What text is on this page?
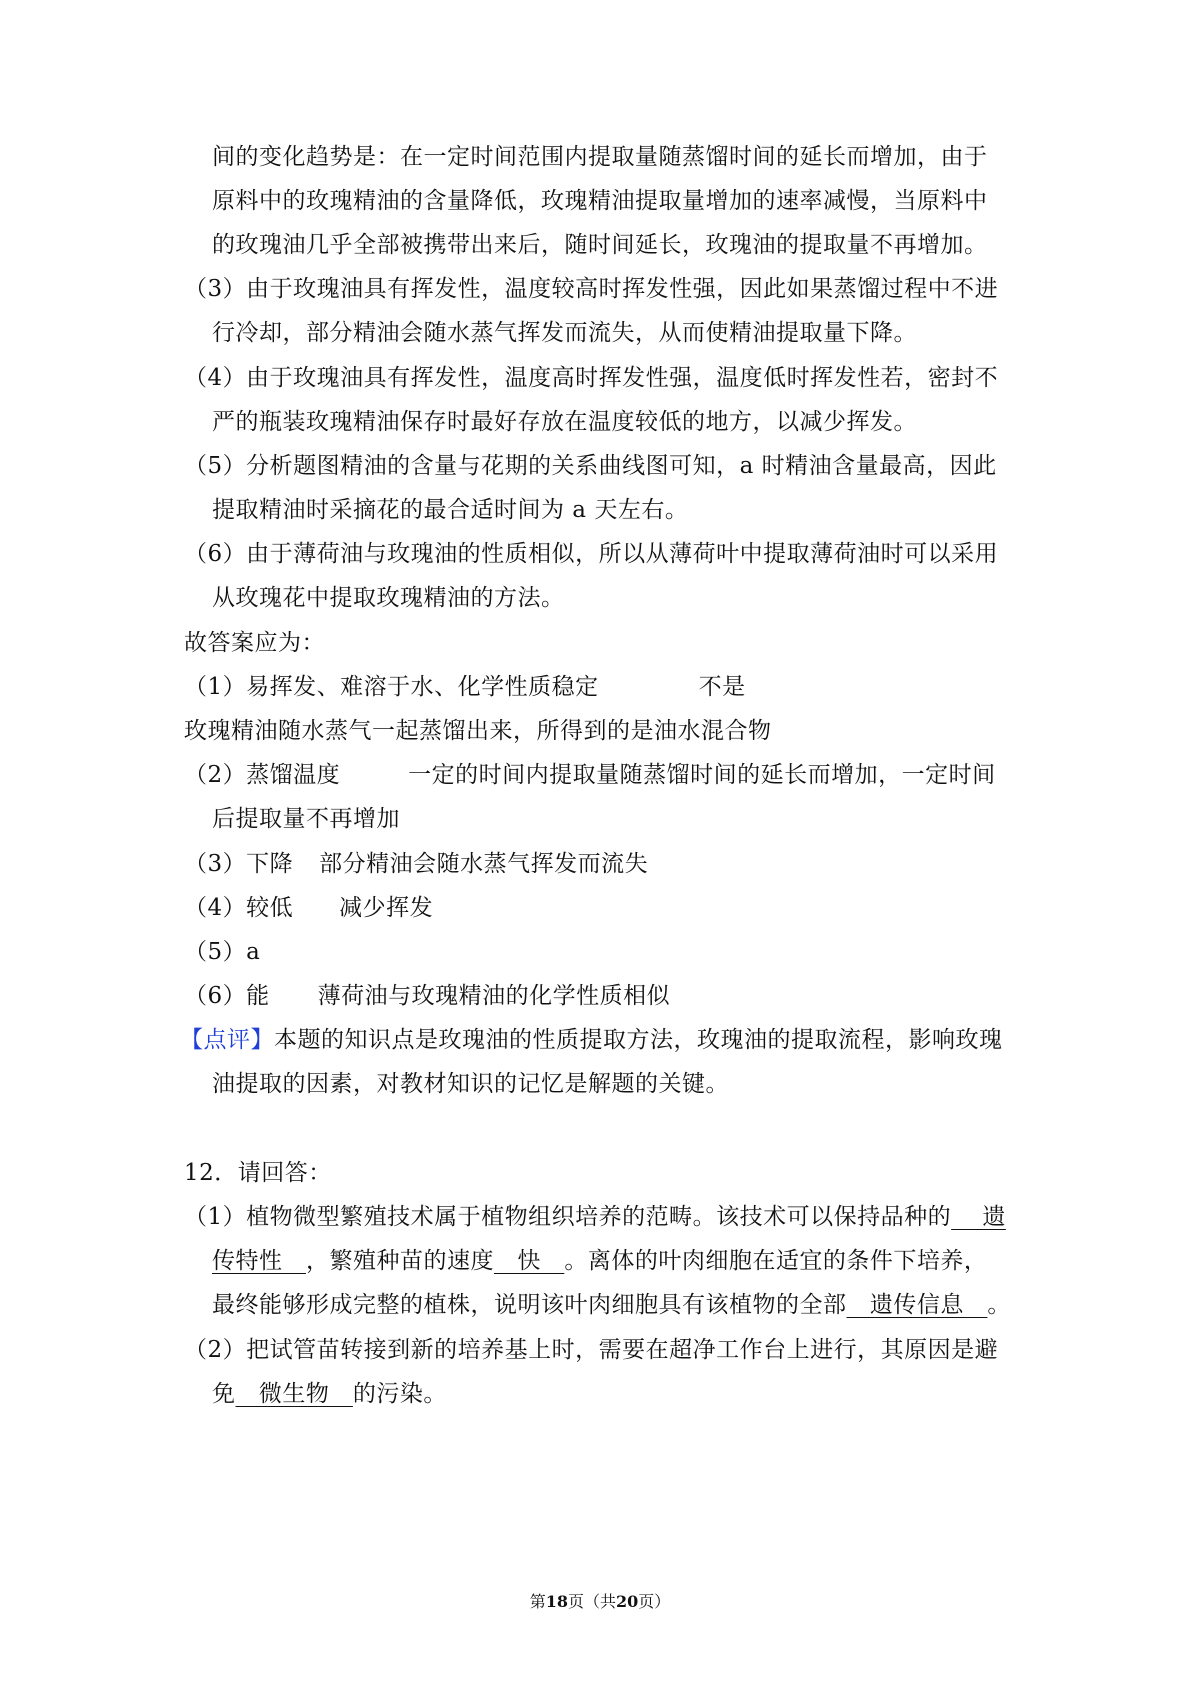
间的变化趋势是：在一定时间范围内提取量随蒸馏时间的延长而增加，由于
原料中的玫瑰精油的含量降低，玫瑰精油提取量增加的速率减慢，当原料中
的玫瑰油几乎全部被携带出来后，随时间延长，玫瑰油的提取量不再增加。
（3）由于玫瑰油具有挥发性，温度较高时挥发性强，因此如果蒸馏过程中不进
行冷却，部分精油会随水蒸气挥发而流失，从而使精油提取量下降。
（4）由于玫瑰油具有挥发性，温度高时挥发性强，温度低时挥发性若，密封不
严的瓶装玫瑰精油保存时最好存放在温度较低的地方，以减少挥发。
（5）分析题图精油的含量与花期的关系曲线图可知，a 时精油含量最高，因此
提取精油时采摘花的最合适时间为 a 天左右。
（6）由于薄荷油与玫瑰油的性质相似，所以从薄荷叶中提取薄荷油时可以采用
从玫瑰花中提取玫瑰精油的方法。
故答案应为：
（1）易挥发、难溶于水、化学性质稳定	不是
玫瑰精油随水蒸气一起蒸馏出来，所得到的是油水混合物
（2）蒸馏温度	一定的时间内提取量随蒸馏时间的延长而增加，一定时间
后提取量不再增加
（3）下降 部分精油会随水蒸气挥发而流失
（4）较低 减少挥发
（5）a
（6）能 薄荷油与玫瑰精油的化学性质相似
【点评】本题的知识点是玫瑰油的性质提取方法，玫瑰油的提取流程，影响玫瑰
油提取的因素，对教材知识的记忆是解题的关键。
12．请回答：
（1）植物微型繁殖技术属于植物组织培养的范畴。该技术可以保持品种的    遗
传特性   ，繁殖种苗的速度   快   。离体的叶肉细胞在适宜的条件下培养，
最终能够形成完整的植株，说明该叶肉细胞具有该植物的全部   遗传信息   。
（2）把试管苗转接到新的培养基上时，需要在超净工作台上进行，其原因是避
免   微生物   的污染。
第18页（共20页）
